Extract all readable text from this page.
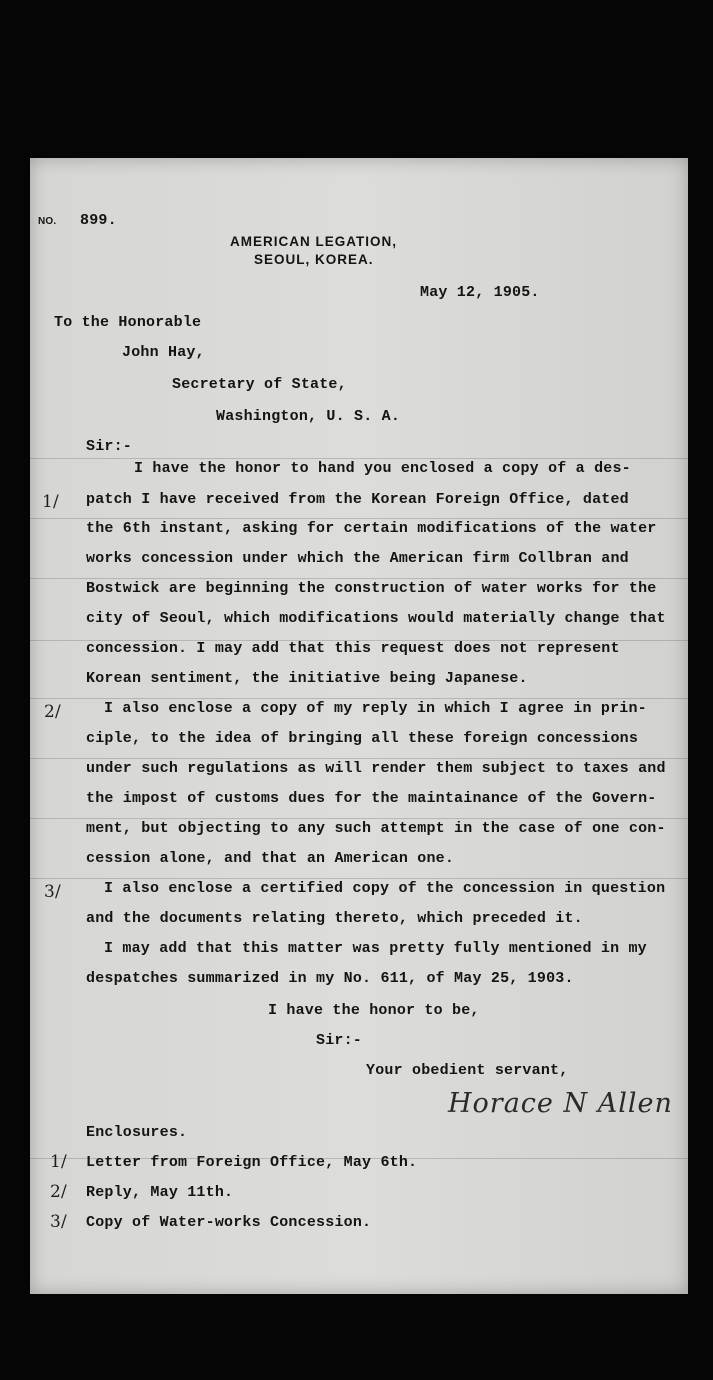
NO. 899.
AMERICAN LEGATION,
SEOUL, KOREA.
May 12, 1905.
To the Honorable
John Hay,
Secretary of State,
Washington, U. S. A.
Sir:-
I have the honor to hand you enclosed a copy of a des-
patch I have received from the Korean Foreign Office, dated
the 6th instant, asking for certain modifications of the water
works concession under which the American firm Collbran and
Bostwick are beginning the construction of water works for the
city of Seoul, which modifications would materially change that
concession. I may add that this request does not represent
Korean sentiment, the initiative being Japanese.
I also enclose a copy of my reply in which I agree in prin-
ciple, to the idea of bringing all these foreign concessions
under such regulations as will render them subject to taxes and
the impost of customs dues for the maintainance of the Govern-
ment, but objecting to any such attempt in the case of one con-
cession alone, and that an American one.
I also enclose a certified copy of the concession in question
and the documents relating thereto, which preceded it.
I may add that this matter was pretty fully mentioned in my
despatches summarized in my No. 611, of May 25, 1903.
1/
2/
3/
I have the honor to be,
Sir:-
Your obedient servant,
Enclosures.
1/ Letter from Foreign Office, May 6th.
2/ Reply, May 11th.
3/ Copy of Water-works Concession.
Horace N Allen
